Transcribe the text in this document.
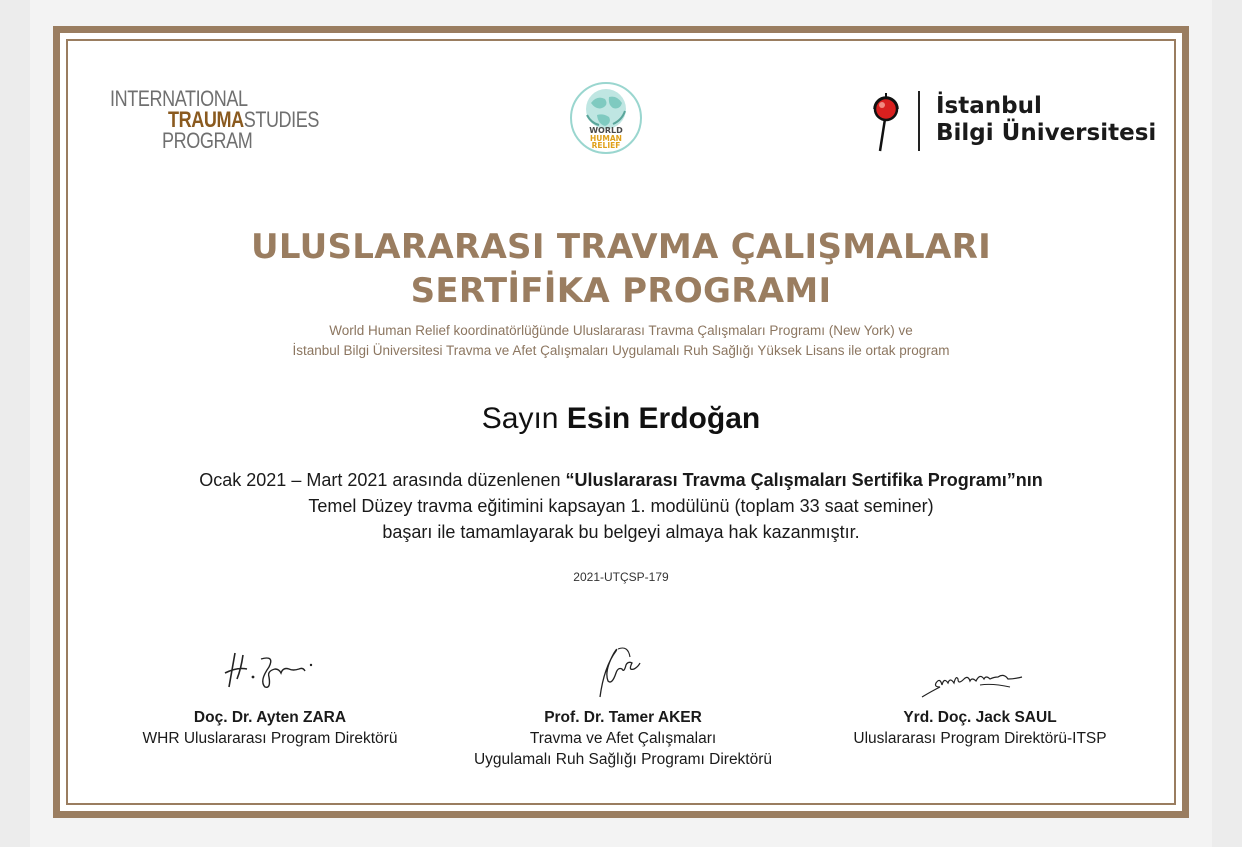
INTERNATIONAL
TRAUMASTUDIES
PROGRAM	WORLD
HUMAN
RELIEF
İstanbul
Bilgi Üniversitesi
ULUSLARARASI TRAVMA ÇALIŞMALARI
SERTİFİKA PROGRAMI
World Human Relief koordinatörlüğünde Uluslararası Travma Çalışmaları Programı (New York) ve
İstanbul Bilgi Üniversitesi Travma ve Afet Çalışmaları Uygulamalı Ruh Sağlığı Yüksek Lisans ile ortak program
Sayın Esin Erdoğan
Ocak 2021 – Mart 2021 arasında düzenlenen “Uluslararası Travma Çalışmaları Sertifika Programı”nın
Temel Düzey travma eğitimini kapsayan 1. modülünü (toplam 33 saat seminer)
başarı ile tamamlayarak bu belgeyi almaya hak kazanmıştır.
2021-UTÇSP-179
Doç. Dr. Ayten ZARA
WHR Uluslararası Program Direktörü
Prof. Dr. Tamer AKER
Travma ve Afet Çalışmaları
Uygulamalı Ruh Sağlığı Programı Direktörü
Yrd. Doç. Jack SAUL
Uluslararası Program Direktörü-ITSP
